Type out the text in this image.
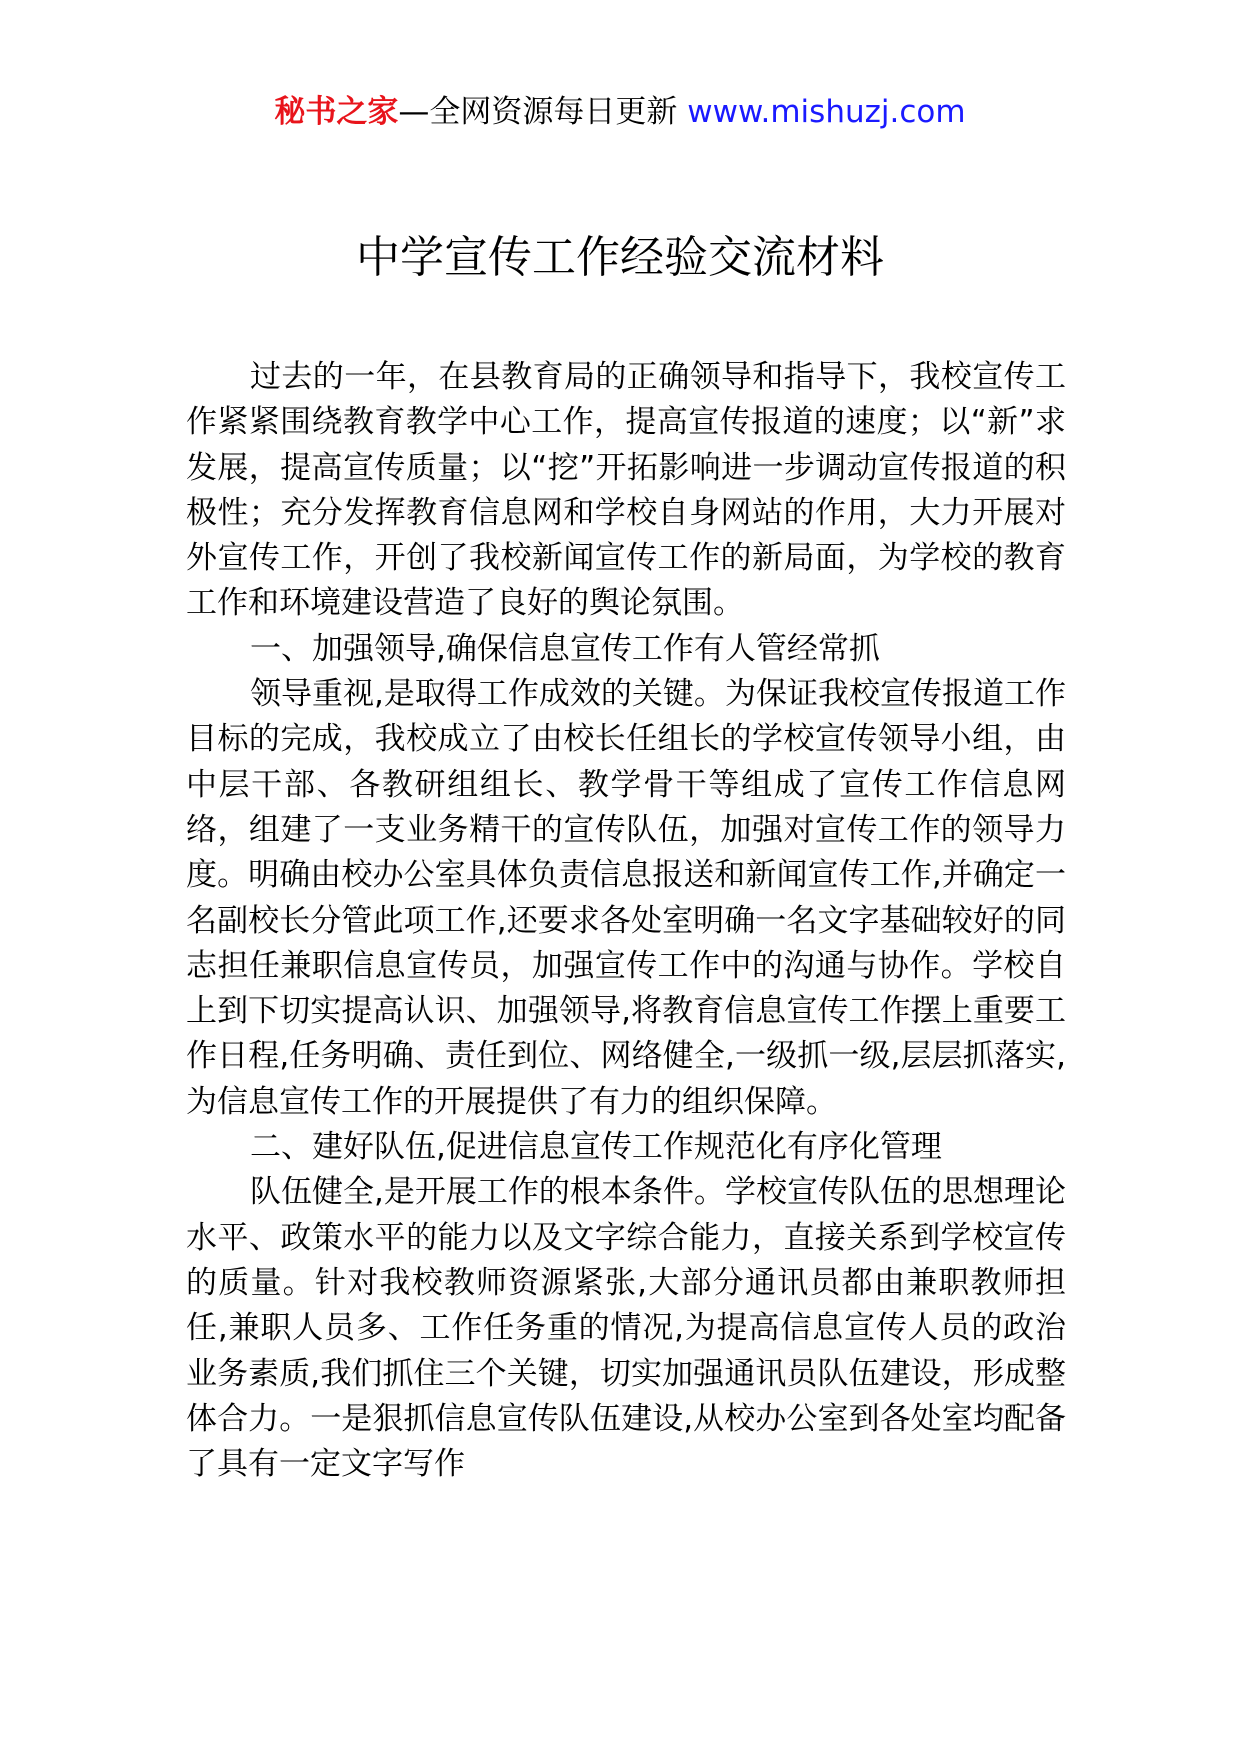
秘书之家—全网资源每日更新 www.mishuzj.com
中学宣传工作经验交流材料

过去的一年，在县教育局的正确领导和指导下，我校宣传工作紧紧围绕教育教学中心工作，提高宣传报道的速度；以“新”求发展，提高宣传质量；以“挖”开拓影响进一步调动宣传报道的积极性；充分发挥教育信息网和学校自身网站的作用，大力开展对外宣传工作，开创了我校新闻宣传工作的新局面，为学校的教育工作和环境建设营造了良好的舆论氛围。

一、加强领导,确保信息宣传工作有人管经常抓

领导重视,是取得工作成效的关键。为保证我校宣传报道工作目标的完成，我校成立了由校长任组长的学校宣传领导小组，由中层干部、各教研组组长、教学骨干等组成了宣传工作信息网络，组建了一支业务精干的宣传队伍，加强对宣传工作的领导力度。明确由校办公室具体负责信息报送和新闻宣传工作,并确定一名副校长分管此项工作,还要求各处室明确一名文字基础较好的同志担任兼职信息宣传员，加强宣传工作中的沟通与协作。学校自上到下切实提高认识、加强领导,将教育信息宣传工作摆上重要工作日程,任务明确、责任到位、网络健全,一级抓一级,层层抓落实,为信息宣传工作的开展提供了有力的组织保障。

二、建好队伍,促进信息宣传工作规范化有序化管理

队伍健全,是开展工作的根本条件。学校宣传队伍的思想理论水平、政策水平的能力以及文字综合能力，直接关系到学校宣传的质量。针对我校教师资源紧张,大部分通讯员都由兼职教师担任,兼职人员多、工作任务重的情况,为提高信息宣传人员的政治业务素质,我们抓住三个关键，切实加强通讯员队伍建设，形成整体合力。一是狠抓信息宣传队伍建设,从校办公室到各处室均配备了具有一定文字写作
